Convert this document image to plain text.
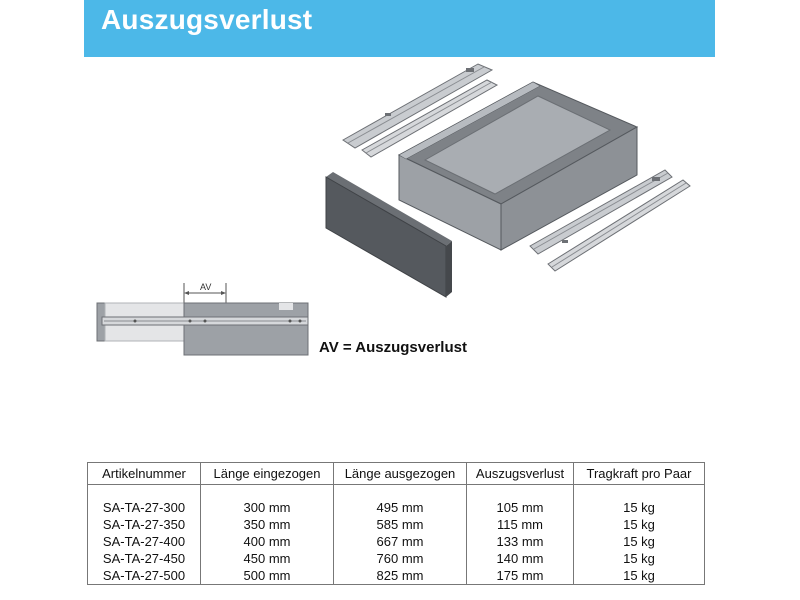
Auszugsverlust
AV
AV = Auszugsverlust
Artikelnummer	Länge eingezogen	Länge ausgezogen	Auszugsverlust	Tragkraft pro Paar

SA-TA-27-300	300 mm	495 mm	105 mm	15 kg
SA-TA-27-350	350 mm	585 mm	115 mm	15 kg
SA-TA-27-400	400 mm	667 mm	133 mm	15 kg
SA-TA-27-450	450 mm	760 mm	140 mm	15 kg
SA-TA-27-500	500 mm	825 mm	175 mm	15 kg
